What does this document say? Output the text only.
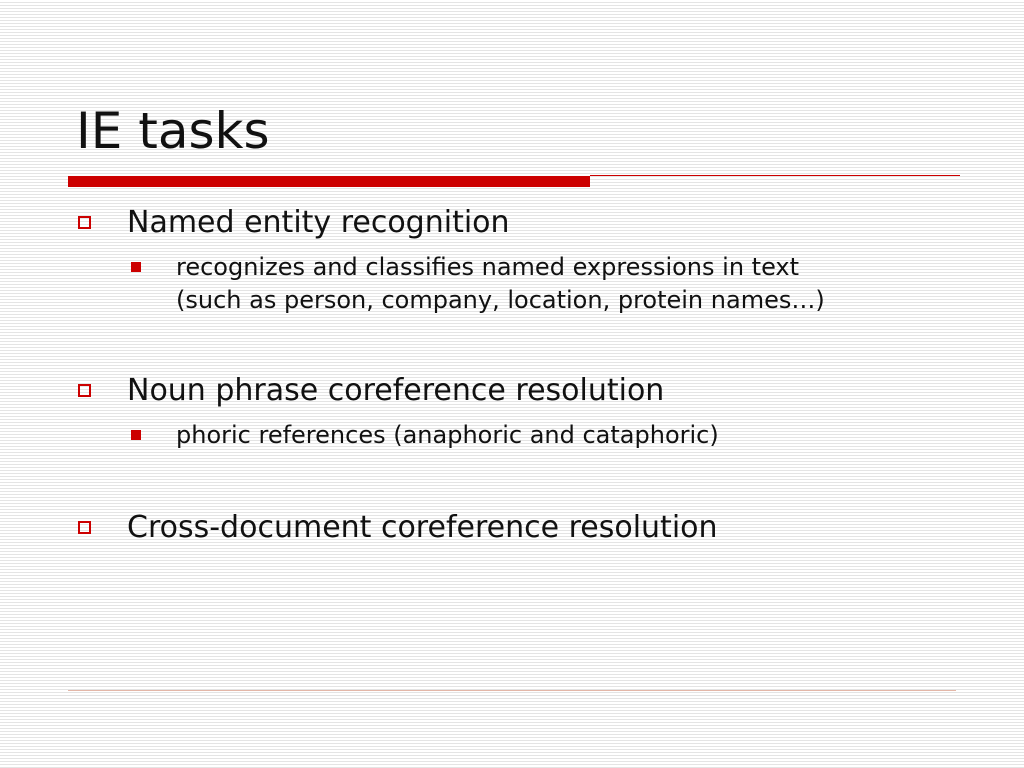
IE tasks
Named entity recognition
recognizes and classifies named expressions in text
(such as person, company, location, protein names…)
Noun phrase coreference resolution
phoric references (anaphoric and cataphoric)
Cross-document coreference resolution
